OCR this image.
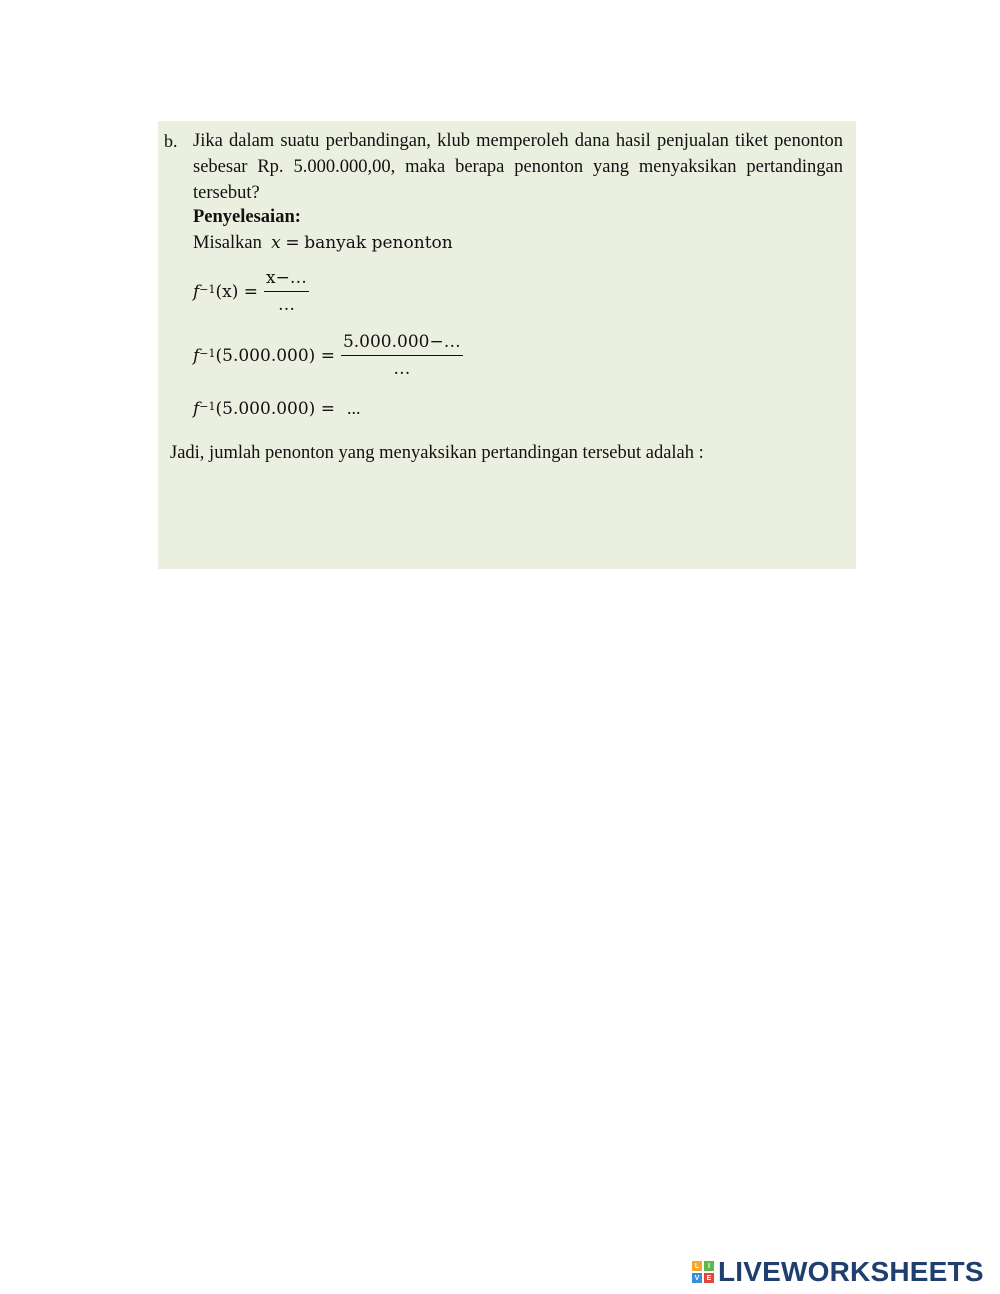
b. Jika dalam suatu perbandingan, klub memperoleh dana hasil penjualan tiket penonton sebesar Rp. 5.000.000,00, maka berapa penonton yang menyaksikan pertandingan tersebut?
Penyelesaian:
Misalkan x = banyak penonton
$f^{-1}$ $(x) = \frac{x-\dots}{\dots}$
$f^{-1}$ $(5.000.000) = \frac{5.000.000-\dots}{\dots}$
$f^{-1}$ (5.000.000) = ...
Jadi, jumlah penonton yang menyaksikan pertandingan tersebut adalah :
L	I
V	E LIVEWORKSHEETS
